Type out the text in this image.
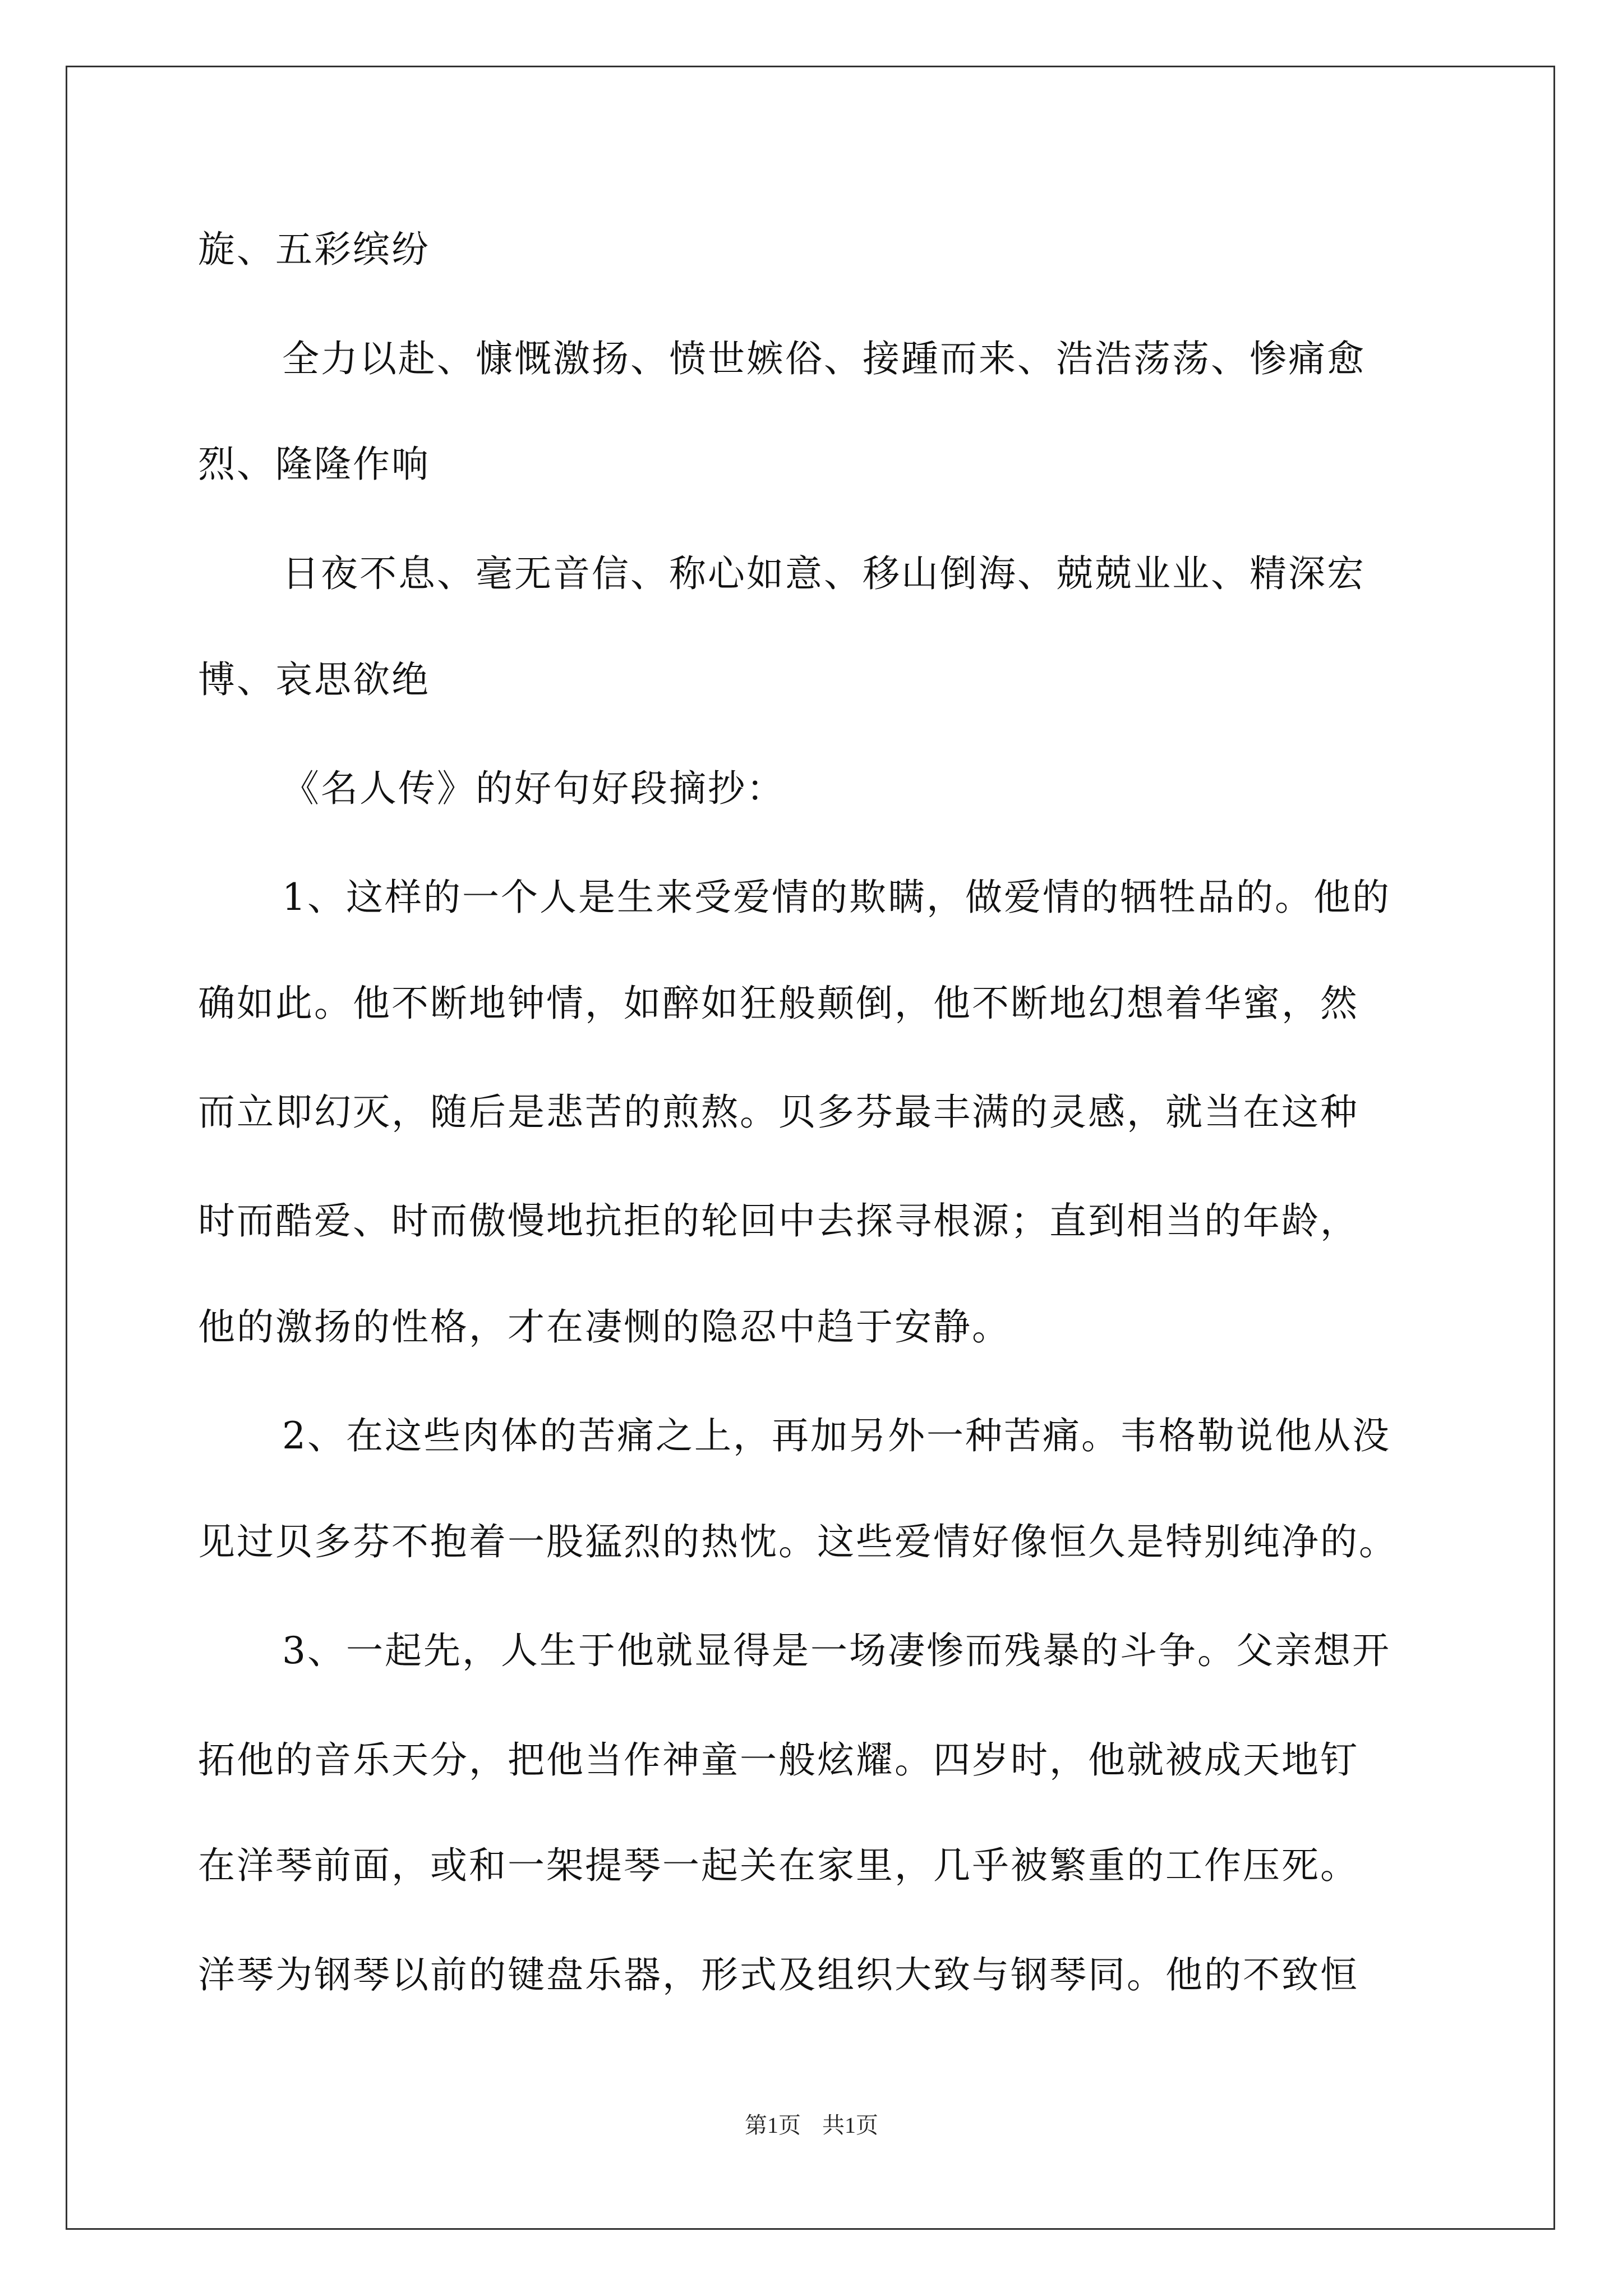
旋、五彩缤纷
全力以赴、慷慨激扬、愤世嫉俗、接踵而来、浩浩荡荡、惨痛愈
烈、隆隆作响
日夜不息、毫无音信、称心如意、移山倒海、兢兢业业、精深宏
博、哀思欲绝
《名人传》的好句好段摘抄：
1、这样的一个人是生来受爱情的欺瞒，做爱情的牺牲品的。他的
确如此。他不断地钟情，如醉如狂般颠倒，他不断地幻想着华蜜，然
而立即幻灭，随后是悲苦的煎熬。贝多芬最丰满的灵感，就当在这种
时而酷爱、时而傲慢地抗拒的轮回中去探寻根源；直到相当的年龄，
他的激扬的性格，才在凄恻的隐忍中趋于安静。
2、在这些肉体的苦痛之上，再加另外一种苦痛。韦格勒说他从没
见过贝多芬不抱着一股猛烈的热忱。这些爱情好像恒久是特别纯净的。
3、一起先，人生于他就显得是一场凄惨而残暴的斗争。父亲想开
拓他的音乐天分，把他当作神童一般炫耀。四岁时，他就被成天地钉
在洋琴前面，或和一架提琴一起关在家里，几乎被繁重的工作压死。
洋琴为钢琴以前的键盘乐器，形式及组织大致与钢琴同。他的不致恒
第1页 共1页
